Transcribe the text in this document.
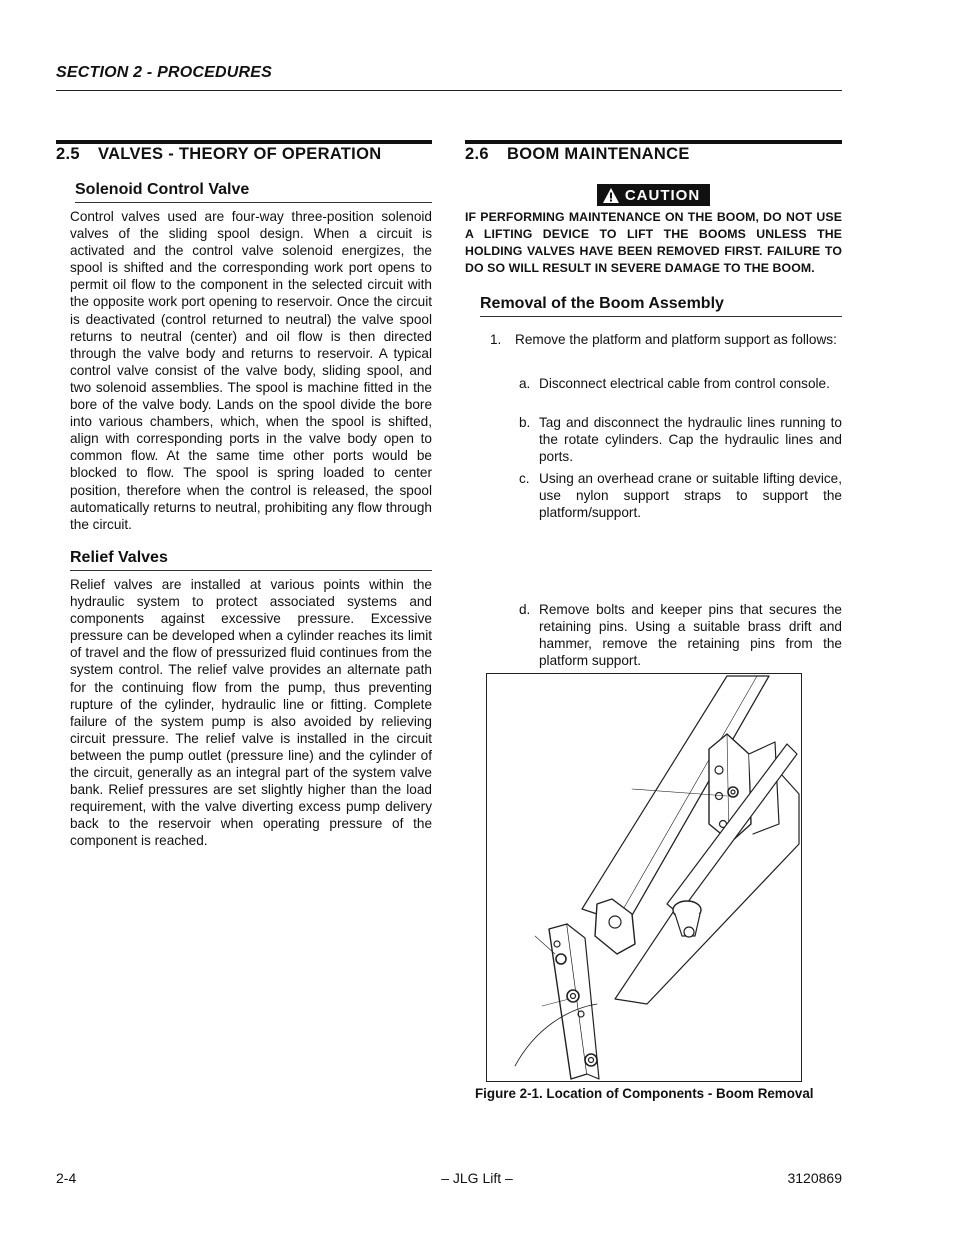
SECTION 2 - PROCEDURES
2.5 VALVES - THEORY OF OPERATION
Solenoid Control Valve
Control valves used are four-way three-position solenoid valves of the sliding spool design. When a circuit is activated and the control valve solenoid energizes, the spool is shifted and the corresponding work port opens to permit oil flow to the component in the selected circuit with the opposite work port opening to reservoir. Once the circuit is deactivated (control returned to neutral) the valve spool returns to neutral (center) and oil flow is then directed through the valve body and returns to reservoir. A typical control valve consist of the valve body, sliding spool, and two solenoid assemblies. The spool is machine fitted in the bore of the valve body. Lands on the spool divide the bore into various chambers, which, when the spool is shifted, align with corresponding ports in the valve body open to common flow. At the same time other ports would be blocked to flow. The spool is spring loaded to center position, therefore when the control is released, the spool automatically returns to neutral, prohibiting any flow through the circuit.
Relief Valves
Relief valves are installed at various points within the hydraulic system to protect associated systems and components against excessive pressure. Excessive pressure can be developed when a cylinder reaches its limit of travel and the flow of pressurized fluid continues from the system control. The relief valve provides an alternate path for the continuing flow from the pump, thus preventing rupture of the cylinder, hydraulic line or fitting. Complete failure of the system pump is also avoided by relieving circuit pressure. The relief valve is installed in the circuit between the pump outlet (pressure line) and the cylinder of the circuit, generally as an integral part of the system valve bank. Relief pressures are set slightly higher than the load requirement, with the valve diverting excess pump delivery back to the reservoir when operating pressure of the component is reached.
2.6 BOOM MAINTENANCE
CAUTION
IF PERFORMING MAINTENANCE ON THE BOOM, DO NOT USE A LIFTING DEVICE TO LIFT THE BOOMS UNLESS THE HOLDING VALVES HAVE BEEN REMOVED FIRST. FAILURE TO DO SO WILL RESULT IN SEVERE DAMAGE TO THE BOOM.
Removal of the Boom Assembly
1. Remove the platform and platform support as follows:
a. Disconnect electrical cable from control console.
b. Tag and disconnect the hydraulic lines running to the rotate cylinders. Cap the hydraulic lines and ports.
c. Using an overhead crane or suitable lifting device, use nylon support straps to support the platform/support.
d. Remove bolts and keeper pins that secures the retaining pins. Using a suitable brass drift and hammer, remove the retaining pins from the platform support.
Figure 2-1. Location of Components - Boom Removal
2-4	– JLG Lift –	3120869
